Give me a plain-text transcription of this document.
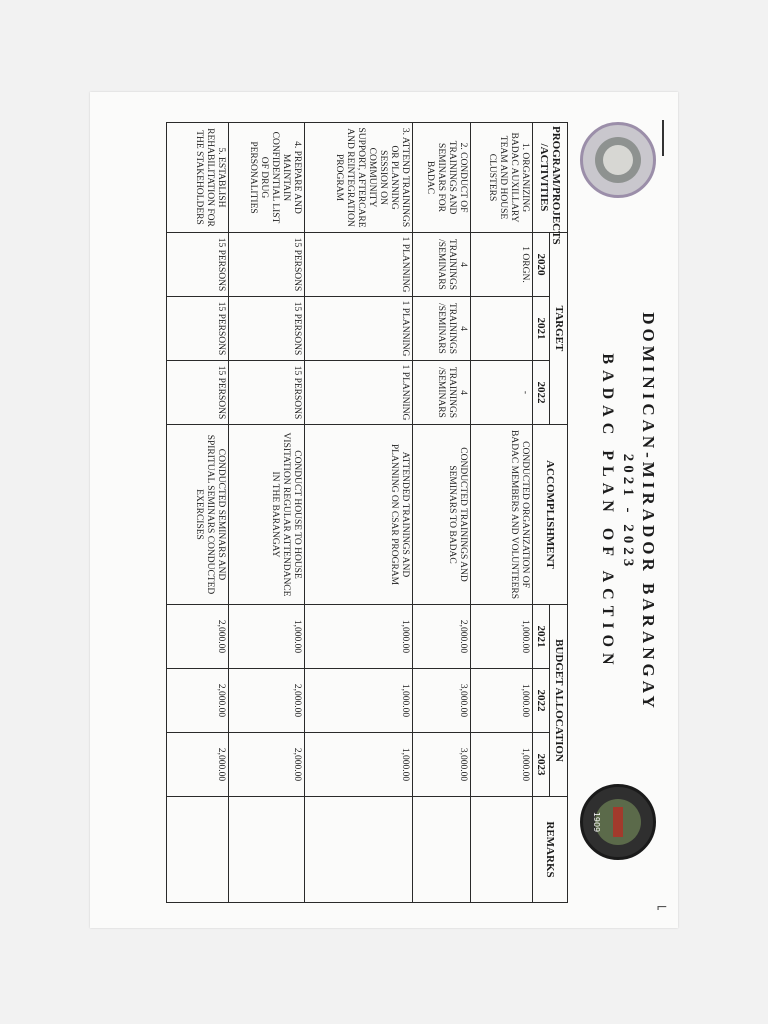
⌐
DOMINICAN-MIRADOR BARANGAY
2021 - 2023
BADAC PLAN OF ACTION
1909
PROGRAM/PROJECTS /ACTIVITIES	TARGET			ACCOMPLISHMENT	BUDGET ALLOCATION			REMARKS
	2020	2021	2022		2021	2022	2023	
1. ORGANIZING BADAC AUXILLARY TEAM AND HOUSE CLUSTERS	1 ORGN.		-	CONDUCTED ORGANIZATION OF BADAC MEMBERS AND VOLUNTEERS	1,000.00	1,000.00	1,000.00	
2. CONDUCT OF TRAININGS AND SEMINARS FOR BADAC	4 TRAININGS /SEMINARS	4 TRAININGS /SEMINARS	4 TRAININGS /SEMINARS	CONDUCTED TRAININGS AND SEMINARS TO BADAC	2,000.00	3,000.00	3,000.00	
3. ATTEND TRAININGS OR PLANNING SESSION ON COMMUNITY SUPPORT, AFTERCARE AND REINTEGRATION PROGRAM	1 PLANNING	1 PLANNING	1 PLANNING	ATTENDED TRAININGS AND PLANNING ON CSAR PROGRAM	1,000.00	1,000.00	1,000.00	
4. PREPARE AND MAINTAIN CONFIDENTIAL LIST OF DRUG PERSONALITIES	15 PERSONS	15 PERSONS	15 PERSONS	CONDUCT HOUSE TO HOUSE VISITATION REGULAR ATTENDANCE IN THE BARANGAY	1,000.00	2,000.00	2,000.00	
5. ESTABLISH REHABILITATION FOR THE STAKEHOLDERS	15 PERSONS	15 PERSONS	15 PERSONS	CONDUCTED SEMINARS AND SPIRITUAL SEMINARS CONDUCTED EXERCISES	2,000.00	2,000.00	2,000.00	
